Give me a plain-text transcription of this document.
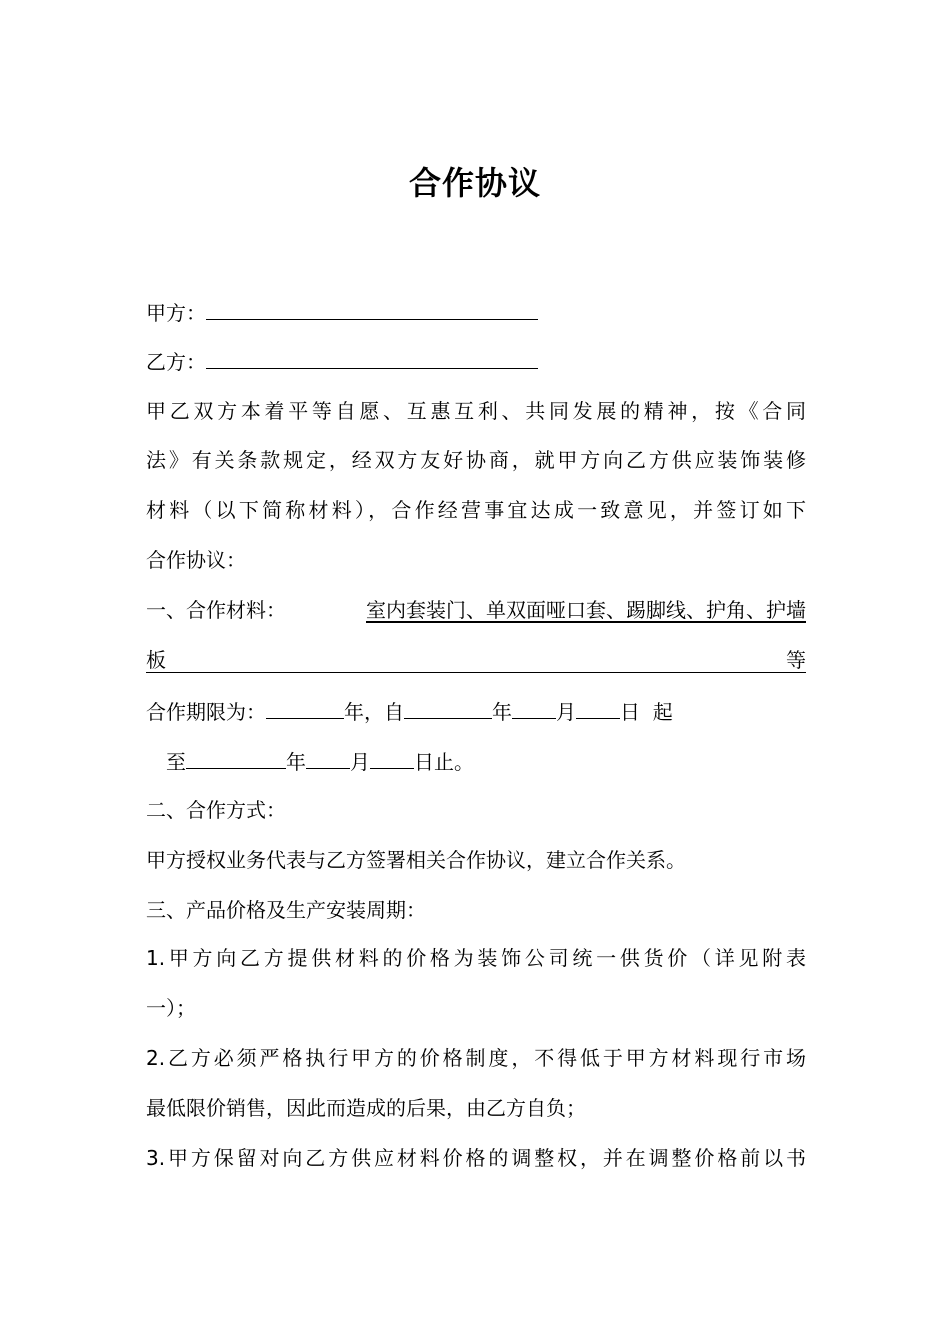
合作协议
甲方：
乙方：
甲乙双方本着平等自愿、互惠互利、共同发展的精神，按《合同
法》有关条款规定，经双方友好协商，就甲方向乙方供应装饰装修
材料（以下简称材料），合作经营事宜达成一致意见，并签订如下
合作协议：
一、合作材料：	室内套装门、单双面哑口套、踢脚线、护角、护墙
板	等
合作期限为：	年，自	年 月 日  起
至	年 月 日止。
二、合作方式：
甲方授权业务代表与乙方签署相关合作协议，建立合作关系。
三、产品价格及生产安装周期：
1.甲方向乙方提供材料的价格为装饰公司统一供货价（详见附表
一）；
2.乙方必须严格执行甲方的价格制度，不得低于甲方材料现行市场
最低限价销售，因此而造成的后果，由乙方自负；
3.甲方保留对向乙方供应材料价格的调整权，并在调整价格前以书
